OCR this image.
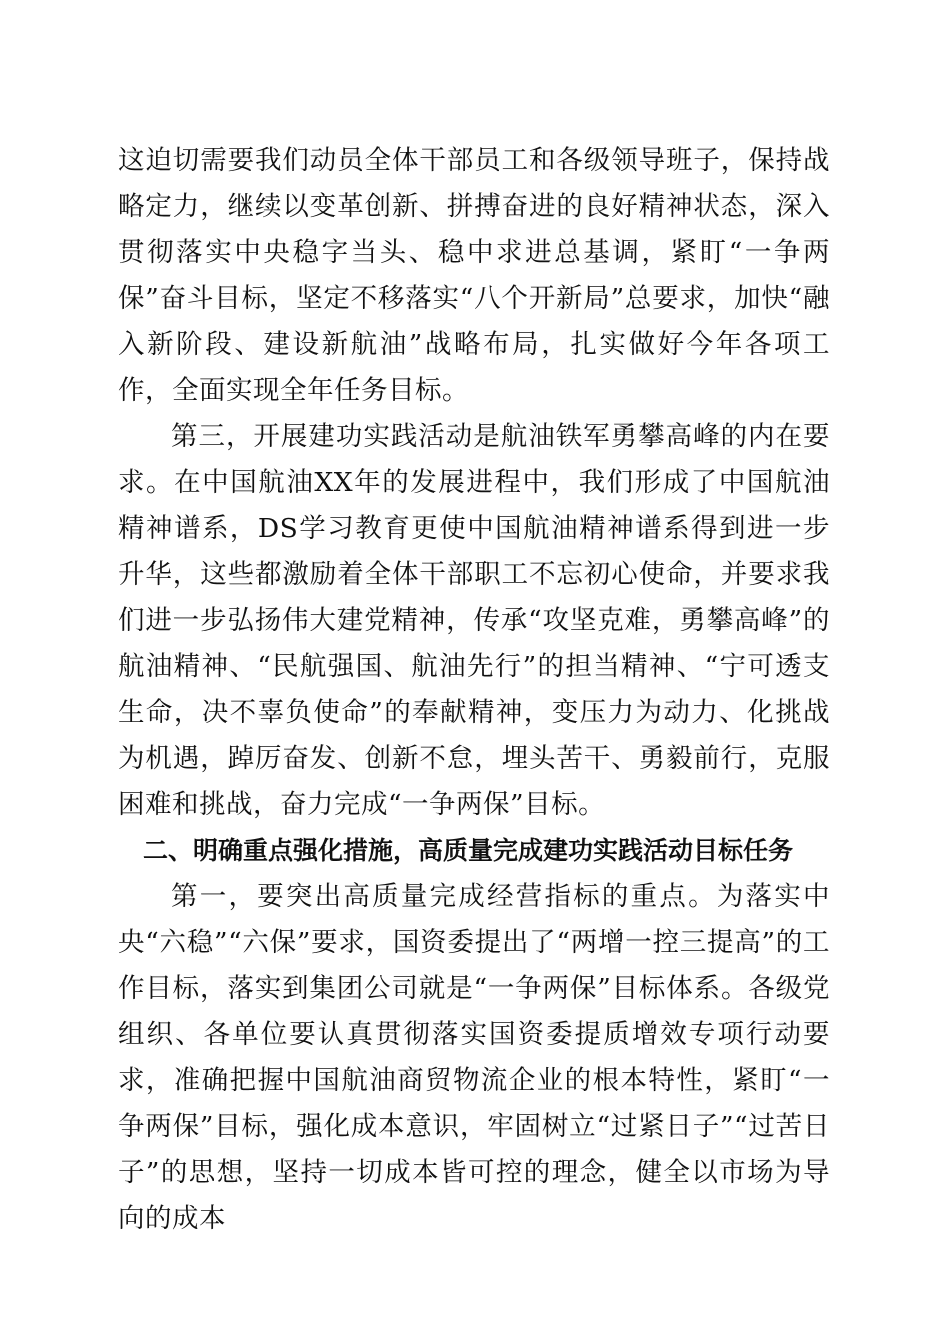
这迫切需要我们动员全体干部员工和各级领导班子，保持战略定力，继续以变革创新、拼搏奋进的良好精神状态，深入贯彻落实中央稳字当头、稳中求进总基调，紧盯“一争两保”奋斗目标，坚定不移落实“八个开新局”总要求，加快“融入新阶段、建设新航油”战略布局，扎实做好今年各项工作，全面实现全年任务目标。

第三，开展建功实践活动是航油铁军勇攀高峰的内在要求。在中国航油XX年的发展进程中，我们形成了中国航油精神谱系，DS学习教育更使中国航油精神谱系得到进一步升华，这些都激励着全体干部职工不忘初心使命，并要求我们进一步弘扬伟大建党精神，传承“攻坚克难，勇攀高峰”的航油精神、“民航强国、航油先行”的担当精神、“宁可透支生命，决不辜负使命”的奉献精神，变压力为动力、化挑战为机遇，踔厉奋发、创新不怠，埋头苦干、勇毅前行，克服困难和挑战，奋力完成“一争两保”目标。

二、明确重点强化措施，高质量完成建功实践活动目标任务

第一，要突出高质量完成经营指标的重点。为落实中央“六稳”“六保”要求，国资委提出了“两增一控三提高”的工作目标，落实到集团公司就是“一争两保”目标体系。各级党组织、各单位要认真贯彻落实国资委提质增效专项行动要求，准确把握中国航油商贸物流企业的根本特性，紧盯“一争两保”目标，强化成本意识，牢固树立“过紧日子”“过苦日子”的思想，坚持一切成本皆可控的理念，健全以市场为导向的成本
